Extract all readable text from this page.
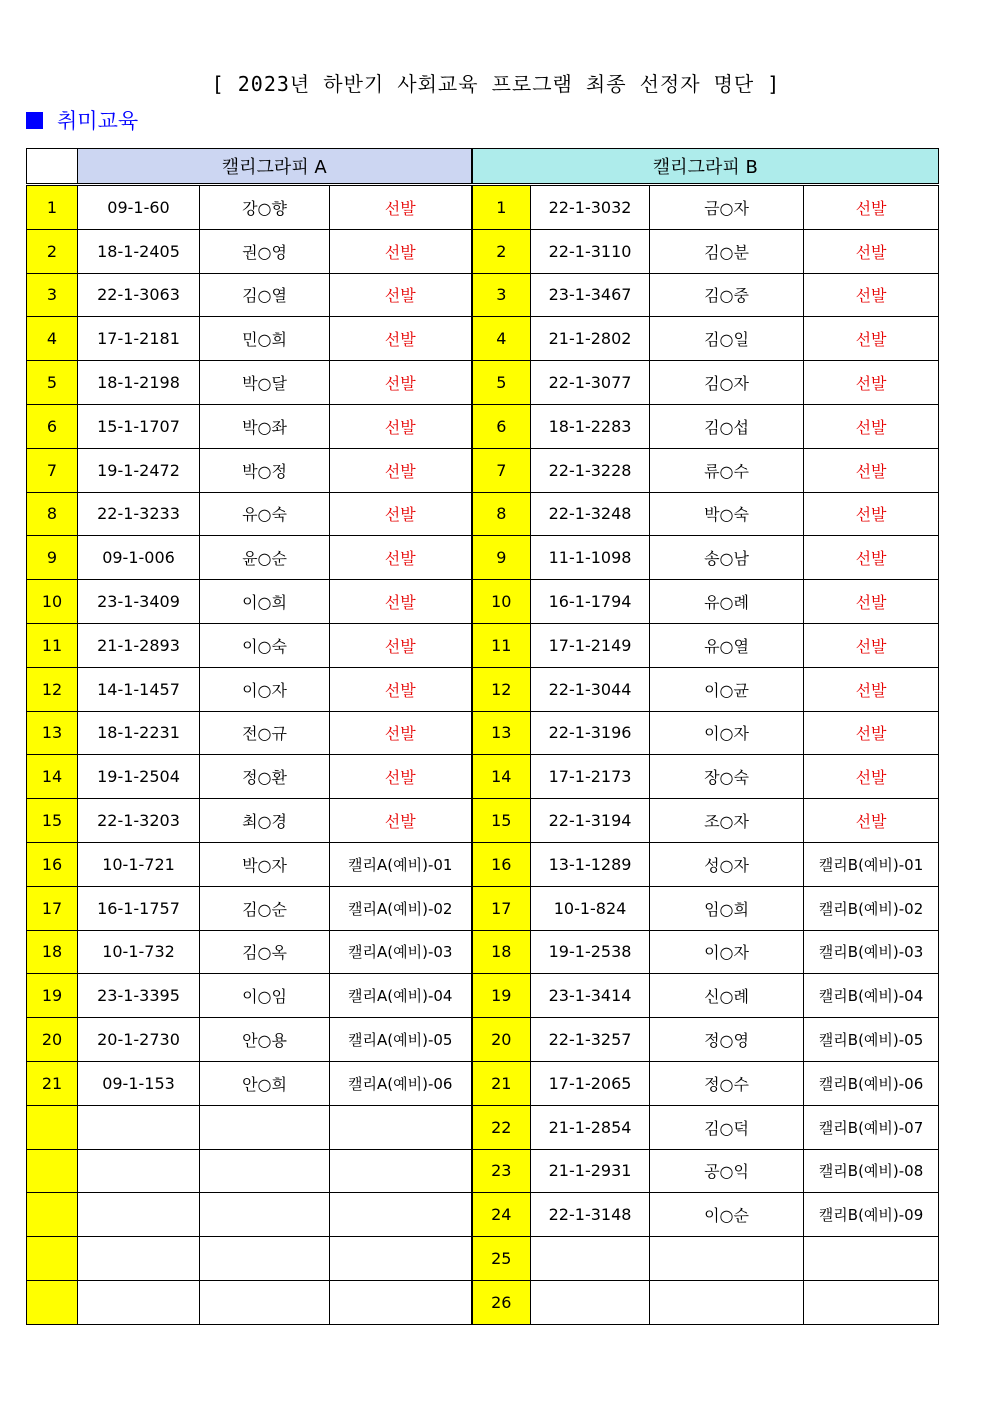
[ 2023년 하반기 사회교육 프로그램 최종 선정자 명단 ]
취미교육
	캘리그라피 A			캘리그라피 B			
1	09-1-60	강○향	선발	1	22-1-3032	금○자	선발
2	18-1-2405	권○영	선발	2	22-1-3110	김○분	선발
3	22-1-3063	김○열	선발	3	23-1-3467	김○중	선발
4	17-1-2181	민○희	선발	4	21-1-2802	김○일	선발
5	18-1-2198	박○달	선발	5	22-1-3077	김○자	선발
6	15-1-1707	박○좌	선발	6	18-1-2283	김○섭	선발
7	19-1-2472	박○정	선발	7	22-1-3228	류○수	선발
8	22-1-3233	유○숙	선발	8	22-1-3248	박○숙	선발
9	09-1-006	윤○순	선발	9	11-1-1098	송○남	선발
10	23-1-3409	이○희	선발	10	16-1-1794	유○례	선발
11	21-1-2893	이○숙	선발	11	17-1-2149	유○열	선발
12	14-1-1457	이○자	선발	12	22-1-3044	이○균	선발
13	18-1-2231	전○규	선발	13	22-1-3196	이○자	선발
14	19-1-2504	정○환	선발	14	17-1-2173	장○숙	선발
15	22-1-3203	최○경	선발	15	22-1-3194	조○자	선발
16	10-1-721	박○자	캘리A(예비)-01	16	13-1-1289	성○자	캘리B(예비)-01
17	16-1-1757	김○순	캘리A(예비)-02	17	10-1-824	임○희	캘리B(예비)-02
18	10-1-732	김○옥	캘리A(예비)-03	18	19-1-2538	이○자	캘리B(예비)-03
19	23-1-3395	이○임	캘리A(예비)-04	19	23-1-3414	신○례	캘리B(예비)-04
20	20-1-2730	안○용	캘리A(예비)-05	20	22-1-3257	정○영	캘리B(예비)-05
21	09-1-153	안○희	캘리A(예비)-06	21	17-1-2065	정○수	캘리B(예비)-06
				22	21-1-2854	김○덕	캘리B(예비)-07
				23	21-1-2931	공○익	캘리B(예비)-08
				24	22-1-3148	이○순	캘리B(예비)-09
				25			
				26			
